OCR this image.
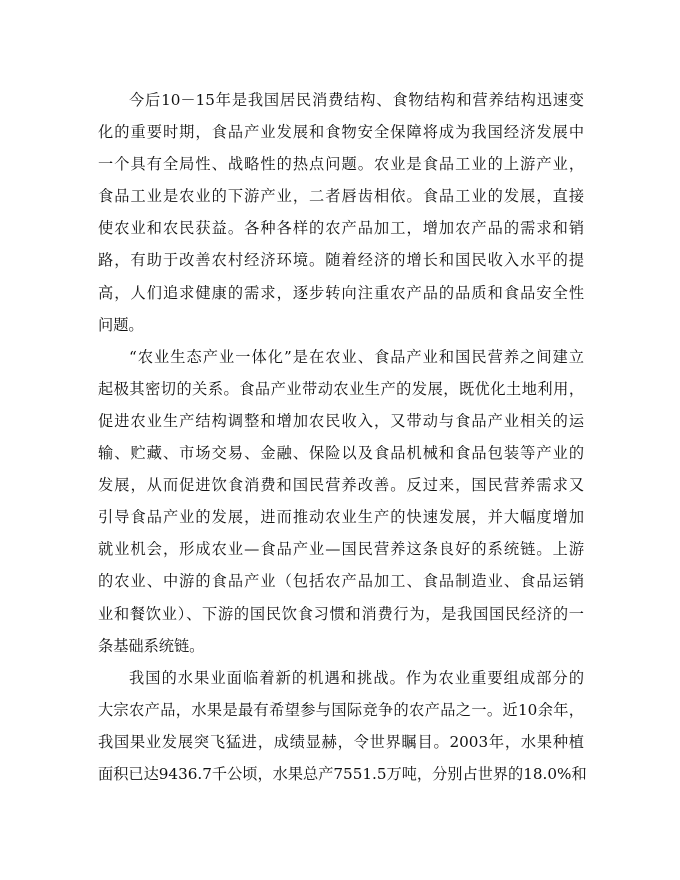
今后10－15年是我国居民消费结构、食物结构和营养结构迅速变
化的重要时期，食品产业发展和食物安全保障将成为我国经济发展中
一个具有全局性、战略性的热点问题。农业是食品工业的上游产业，
食品工业是农业的下游产业，二者唇齿相依。食品工业的发展，直接
使农业和农民获益。各种各样的农产品加工，增加农产品的需求和销
路，有助于改善农村经济环境。随着经济的增长和国民收入水平的提
高，人们追求健康的需求，逐步转向注重农产品的品质和食品安全性
问题。
“农业生态产业一体化”是在农业、食品产业和国民营养之间建立
起极其密切的关系。食品产业带动农业生产的发展，既优化土地利用，
促进农业生产结构调整和增加农民收入，又带动与食品产业相关的运
输、贮藏、市场交易、金融、保险以及食品机械和食品包装等产业的
发展，从而促进饮食消费和国民营养改善。反过来，国民营养需求又
引导食品产业的发展，进而推动农业生产的快速发展，并大幅度增加
就业机会，形成农业—食品产业—国民营养这条良好的系统链。上游
的农业、中游的食品产业（包括农产品加工、食品制造业、食品运销
业和餐饮业）、下游的国民饮食习惯和消费行为，是我国国民经济的一
条基础系统链。
我国的水果业面临着新的机遇和挑战。作为农业重要组成部分的
大宗农产品，水果是最有希望参与国际竞争的农产品之一。近10余年，
我国果业发展突飞猛进，成绩显赫，令世界瞩目。2003年，水果种植
面积已达9436.7千公顷，水果总产7551.5万吨，分别占世界的18.0%和
